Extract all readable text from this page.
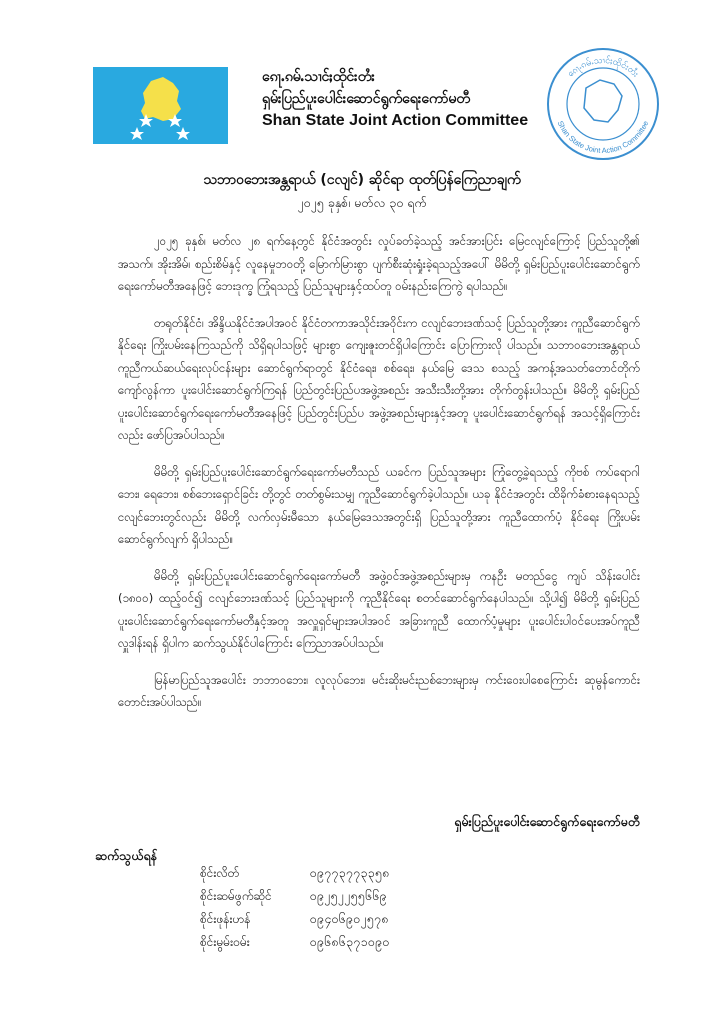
ၵေႃႉၵမ်ႉသၢင်ႈထိုင်းတႆး
ရှမ်းပြည်ပူးပေါင်းဆောင်ရွက်ရေးကော်မတီ
Shan State Joint Action Committee
ၵေႃႉၵမ်ႉသၢင်ႈထိုင်းတႆး
Shan State Joint Action Committee
သဘာဝဘေးအန္တရာယ် (ငလျင်) ဆိုင်ရာ ထုတ်ပြန်ကြေညာချက်
၂၀၂၅ ခုနှစ်၊ မတ်လ ၃၀ ရက်

၂၀၂၅ ခုနှစ်၊ မတ်လ ၂၈ ရက်နေ့တွင် နိုင်ငံအတွင်း လှုပ်ခတ်ခဲ့သည့် အင်အားပြင်း မြေငလျင်ကြောင့် ပြည်သူတို့၏ အသက်၊ အိုးအိမ်၊ စည်းစိမ်နှင့် လူနေမှုဘဝတို့ မြောက်မြားစွာ ပျက်စီးဆုံးရှုံးခဲ့ရသည့်အပေါ် မိမိတို့ ရှမ်းပြည်ပူးပေါင်းဆောင်ရွက်ရေးကော်မတီအနေဖြင့် ဘေးဒုက္ခ ကြုံရသည့် ပြည်သူများနှင့်ထပ်တူ ဝမ်းနည်းကြေကွဲ ရပါသည်။

တရုတ်နိုင်ငံ၊ အိန္ဒိယနိုင်ငံအပါအဝင် နိုင်ငံတကာအသိုင်းအဝိုင်းက ငလျင်ဘေးဒဏ်သင့် ပြည်သူတို့အား ကူညီဆောင်ရွက်နိုင်ရေး ကြိုးပမ်းနေကြသည်ကို သိရှိရပါသဖြင့် များစွာ ကျေးဇူးတင်ရှိပါကြောင်း ပြောကြားလို ပါသည်။ သဘာဝဘေးအန္တရာယ် ကူညီကယ်ဆယ်ရေးလုပ်ငန်းများ ဆောင်ရွက်ရာတွင် နိုင်ငံရေး၊ စစ်ရေး၊ နယ်မြေ ဒေသ စသည့် အကန့်အသတ်တောင်တိုက် ကျော်လွန်ကာ ပူးပေါင်းဆောင်ရွက်ကြရန် ပြည်တွင်းပြည်ပအဖွဲ့အစည်း အသီးသီးတို့အား တိုက်တွန်းပါသည်။ မိမိတို့ ရှမ်းပြည်ပူးပေါင်းဆောင်ရွက်ရေးကော်မတီအနေဖြင့် ပြည်တွင်းပြည်ပ အဖွဲ့အစည်းများနှင့်အတူ ပူးပေါင်းဆောင်ရွက်ရန် အသင့်ရှိကြောင်းလည်း ဖော်ပြအပ်ပါသည်။

မိမိတို့ ရှမ်းပြည်ပူးပေါင်းဆောင်ရွက်ရေးကော်မတီသည် ယခင်က ပြည်သူအများ ကြုံတွေ့ခဲ့ရသည့် ကိုဗစ် ကပ်ရောဂါဘေး၊ ရေဘေး၊ စစ်ဘေးရှောင်ခြင်း တို့တွင် တတ်စွမ်းသမျှ ကူညီဆောင်ရွက်ခဲ့ပါသည်။ ယခု နိုင်ငံအတွင်း ထိခိုက်ခံစားနေရသည့် ငလျင်ဘေးတွင်လည်း မိမိတို့ လက်လှမ်းမီသော နယ်မြေဒေသအတွင်းရှိ ပြည်သူတို့အား ကူညီထောက်ပံ့ နိုင်ရေး ကြိုးပမ်းဆောင်ရွက်လျက် ရှိပါသည်။

မိမိတို့ ရှမ်းပြည်ပူးပေါင်းဆောင်ရွက်ရေးကော်မတီ အဖွဲ့ဝင်အဖွဲ့အစည်းများမှ ကနဦး မတည်ငွေ ကျပ် သိန်းပေါင်း (၁၈၀၀) ထည့်ဝင်၍ ငလျင်ဘေးဒဏ်သင့် ပြည်သူများကို ကူညီနိုင်ရေး စတင်ဆောင်ရွက်နေပါသည်။ သို့ပါ၍ မိမိတို့ ရှမ်းပြည်ပူးပေါင်းဆောင်ရွက်ရေးကော်မတီနှင့်အတူ အလှူရှင်များအပါအဝင် အခြားကူညီ ထောက်ပံ့မှုများ ပူးပေါင်းပါဝင်ပေးအပ်ကူညီလှူဒါန်းရန် ရှိပါက ဆက်သွယ်နိုင်ပါကြောင်း ကြေညာအပ်ပါသည်။

မြန်မာပြည်သူအပေါင်း ဘဘာဝဘေး၊ လူလုပ်ဘေး၊ မင်းဆိုးမင်းညစ်ဘေးများမှ ကင်းဝေးပါစေကြောင်း ဆုမွန်ကောင်း တောင်းအပ်ပါသည်။

ရှမ်းပြည်ပူးပေါင်းဆောင်ရွက်ရေးကော်မတီ
ဆက်သွယ်ရန်
စိုင်းလိတ်	၀၉၇၇၃၇၇၃၃၅၈
စိုင်းဆမ်ဖွက်ဆိုင်	၀၉၂၅၂၂၅၅၆၆၉
စိုင်းဖုန်းဟန်	၀၉၄၀၆၉၀၂၅၇၈
စိုင်းမွမ်းဝမ်း	၀၉၆၈၆၃၇၁၀၉၀
